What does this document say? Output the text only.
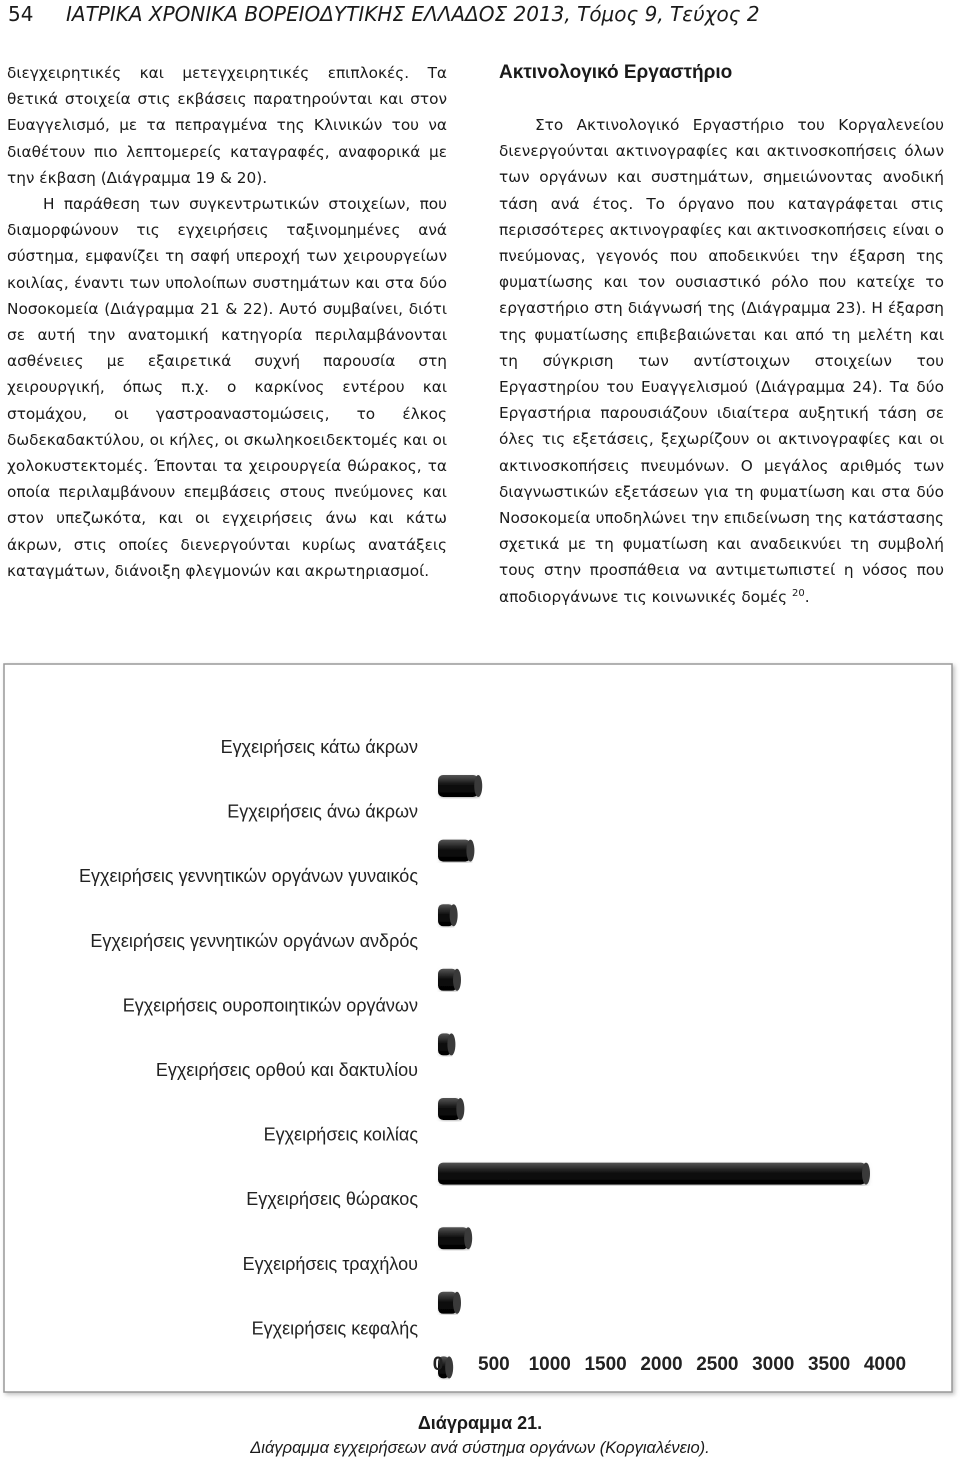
54 ΙΑΤΡΙΚΑ ΧΡΟΝΙΚΑ ΒΟΡΕΙΟΔΥΤΙΚΗΣ ΕΛΛΑΔΟΣ 2013, Τόμος 9, Τεύχος 2

διεγχειρητικές και μετεγχειρητικές επιπλοκές. Τα θετικά στοιχεία στις εκβάσεις παρατηρούνται και στον Ευαγγελισμό, με τα πεπραγμένα της Κλινικών του να διαθέτουν πιο λεπτομερείς καταγραφές, αναφορικά με την έκβαση (Διάγραμμα 19 & 20).

Η παράθεση των συγκεντρωτικών στοιχείων, που διαμορφώνουν τις εγχειρήσεις ταξινομημένες ανά σύστημα, εμφανίζει τη σαφή υπεροχή των χειρουργείων κοιλίας, έναντι των υπολοίπων συστημάτων και στα δύο Νοσοκομεία (Διάγραμμα 21 & 22). Αυτό συμβαίνει, διότι σε αυτή την ανατομική κατηγορία περιλαμβάνονται ασθένειες με εξαιρετικά συχνή παρουσία στη χειρουργική, όπως π.χ. ο καρκίνος εντέρου και στομάχου, οι γαστροαναστομώσεις, το έλκος δωδεκαδακτύλου, οι κήλες, οι σκωληκοειδεκτομές και οι χολοκυστεκτομές. Έπονται τα χειρουργεία θώρακος, τα οποία περιλαμβάνουν επεμβάσεις στους πνεύμονες και στον υπεζωκότα, και οι εγχειρήσεις άνω και κάτω άκρων, στις οποίες διενεργούνται κυρίως ανατάξεις καταγμάτων, διάνοιξη φλεγμονών και ακρωτηριασμοί.

Ακτινολογικό Εργαστήριο

Στο Ακτινολογικό Εργαστήριο του Κοργαλενείου διενεργούνται ακτινογραφίες και ακτινοσκοπήσεις όλων των οργάνων και συστημάτων, σημειώνοντας ανοδική τάση ανά έτος. Το όργανο που καταγράφεται στις περισσότερες ακτινογραφίες και ακτινοσκοπήσεις είναι ο πνεύμονας, γεγονός που αποδεικνύει την έξαρση της φυματίωσης και τον ουσιαστικό ρόλο που κατείχε το εργαστήριο στη διάγνωσή της (Διάγραμμα 23). Η έξαρση της φυματίωσης επιβεβαιώνεται και από τη μελέτη και τη σύγκριση των αντίστοιχων στοιχείων του Εργαστηρίου του Ευαγγελισμού (Διάγραμμα 24). Τα δύο Εργαστήρια παρουσιάζουν ιδιαίτερα αυξητική τάση σε όλες τις εξετάσεις, ξεχωρίζουν οι ακτινογραφίες και οι ακτινοσκοπήσεις πνευμόνων. Ο μεγάλος αριθμός των διαγνωστικών εξετάσεων για τη φυματίωση και στα δύο Νοσοκομεία υποδηλώνει την επιδείνωση της κατάστασης σχετικά με τη φυματίωση και αναδεικνύει τη συμβολή τους στην προσπάθεια να αντιμετωπιστεί η νόσος που αποδιοργάνωνε τις κοινωνικές δομές $^{20}$.

Εγχειρήσεις κάτω άκρων
Εγχειρήσεις άνω άκρων
Εγχειρήσεις γεννητικών οργάνων γυναικός
Εγχειρήσεις γεννητικών οργάνων ανδρός
Εγχειρήσεις ουροποιητικών οργάνων
Εγχειρήσεις ορθού και δακτυλίου
Εγχειρήσεις κοιλίας
Εγχειρήσεις θώρακος
Εγχειρήσεις τραχήλου
Εγχειρήσεις κεφαλής
0 500 1000 1500 2000 2500 3000 3500 4000
Διάγραμμα 21.
Διάγραμμα εγχειρήσεων ανά σύστημα οργάνων (Κοργιαλένειο).
